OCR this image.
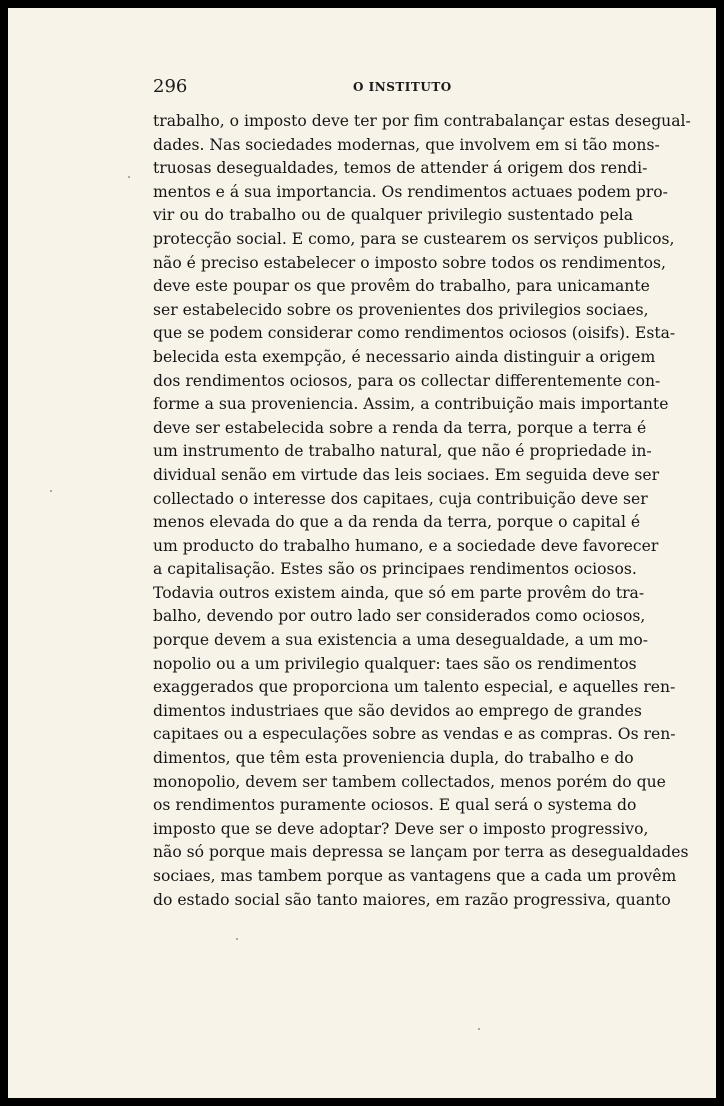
296	O INSTITUTO
trabalho, o imposto deve ter por fim contrabalançar estas desegual-
dades. Nas sociedades modernas, que involvem em si tão mons-
truosas desegualdades, temos de attender á origem dos rendi-
mentos e á sua importancia. Os rendimentos actuaes podem pro-
vir ou do trabalho ou de qualquer privilegio sustentado pela
protecção social. E como, para se custearem os serviços publicos,
não é preciso estabelecer o imposto sobre todos os rendimentos,
deve este poupar os que provêm do trabalho, para unicamante
ser estabelecido sobre os provenientes dos privilegios sociaes,
que se podem considerar como rendimentos ociosos (oisifs). Esta-
belecida esta exempção, é necessario ainda distinguir a origem
dos rendimentos ociosos, para os collectar differentemente con-
forme a sua proveniencia. Assim, a contribuição mais importante
deve ser estabelecida sobre a renda da terra, porque a terra é
um instrumento de trabalho natural, que não é propriedade in-
dividual senão em virtude das leis sociaes. Em seguida deve ser
collectado o interesse dos capitaes, cuja contribuição deve ser
menos elevada do que a da renda da terra, porque o capital é
um producto do trabalho humano, e a sociedade deve favorecer
a capitalisação. Estes são os principaes rendimentos ociosos.
Todavia outros existem ainda, que só em parte provêm do tra-
balho, devendo por outro lado ser considerados como ociosos,
porque devem a sua existencia a uma desegualdade, a um mo-
nopolio ou a um privilegio qualquer: taes são os rendimentos
exaggerados que proporciona um talento especial, e aquelles ren-
dimentos industriaes que são devidos ao emprego de grandes
capitaes ou a especulações sobre as vendas e as compras. Os ren-
dimentos, que têm esta proveniencia dupla, do trabalho e do
monopolio, devem ser tambem collectados, menos porém do que
os rendimentos puramente ociosos. E qual será o systema do
imposto que se deve adoptar? Deve ser o imposto progressivo,
não só porque mais depressa se lançam por terra as desegualdades
sociaes, mas tambem porque as vantagens que a cada um provêm
do estado social são tanto maiores, em razão progressiva, quanto
